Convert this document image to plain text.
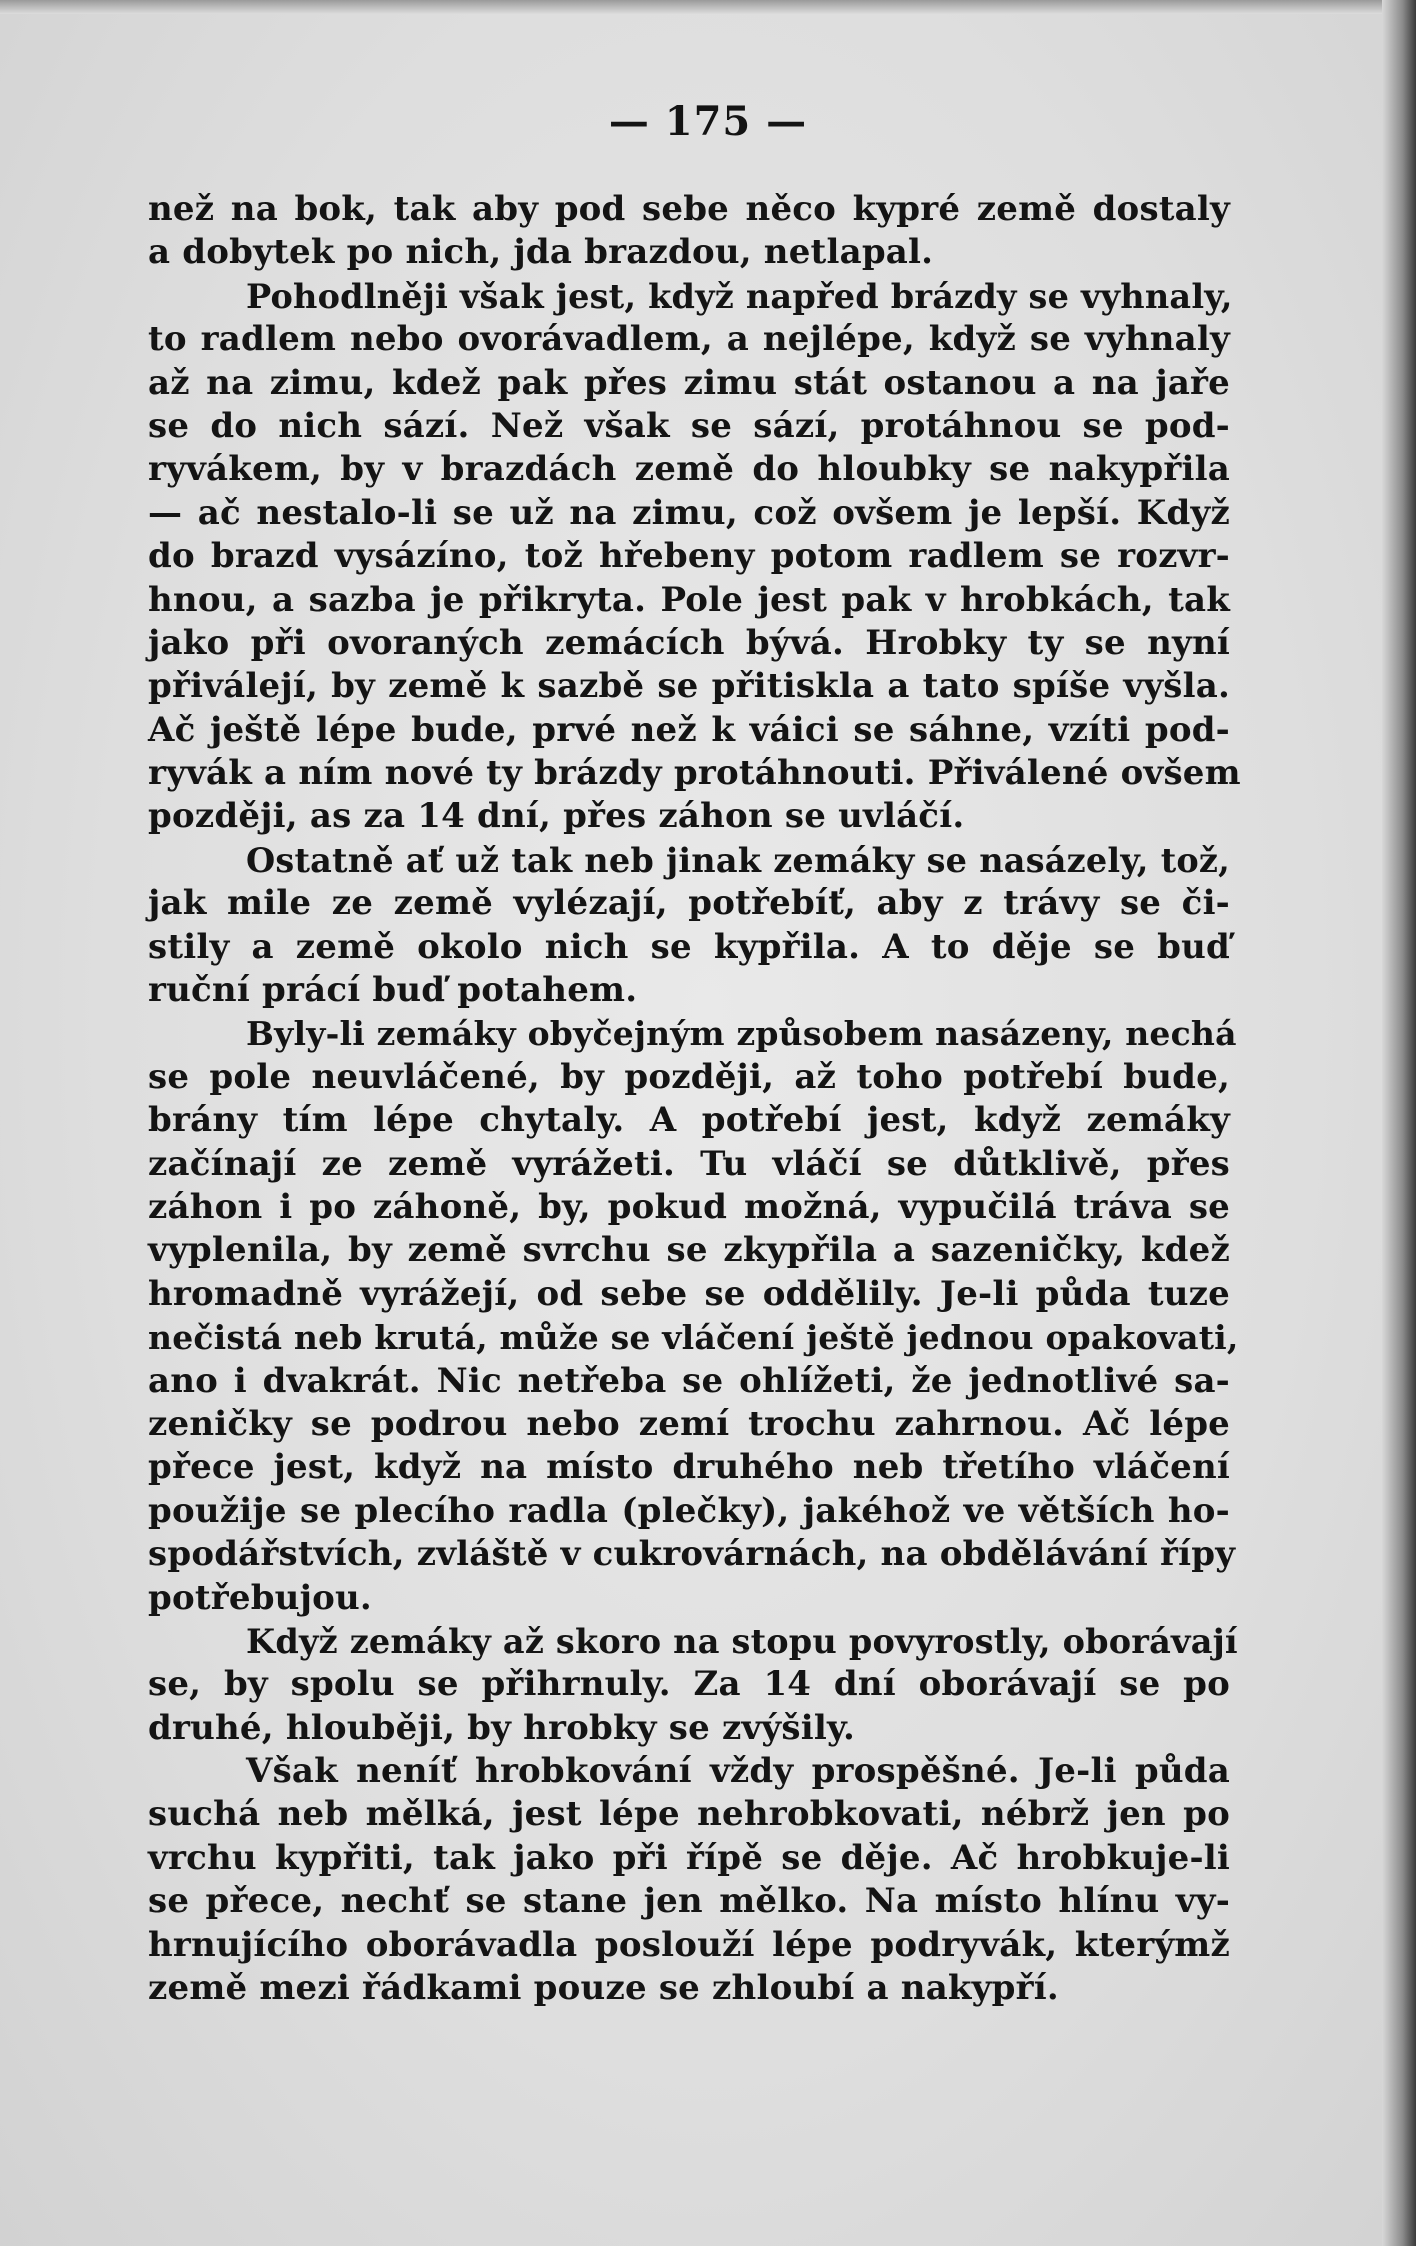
— 175 —
než na bok, tak aby pod sebe něco kypré země dostaly
a dobytek po nich, jda brazdou, netlapal.
Pohodlněji však jest, když napřed brázdy se vyhnaly,
to radlem nebo ovorávadlem, a nejlépe, když se vyhnaly
až na zimu, kdež pak přes zimu stát ostanou a na jaře
se do nich sází. Než však se sází, protáhnou se pod-
ryvákem, by v brazdách země do hloubky se nakypřila
— ač nestalo-li se už na zimu, což ovšem je lepší. Když
do brazd vysázíno, tož hřebeny potom radlem se rozvr-
hnou, a sazba je přikryta. Pole jest pak v hrobkách, tak
jako při ovoraných zemácích bývá. Hrobky ty se nyní
přiválejí, by země k sazbě se přitiskla a tato spíše vyšla.
Ač ještě lépe bude, prvé než k váici se sáhne, vzíti pod-
ryvák a ním nové ty brázdy protáhnouti. Přiválené ovšem
později, as za 14 dní, přes záhon se uvláčí.
Ostatně ať už tak neb jinak zemáky se nasázely, tož,
jak mile ze země vylézají, potřebíť, aby z trávy se či-
stily a země okolo nich se kypřila. A to děje se buď
ruční prácí buď potahem.
Byly-li zemáky obyčejným způsobem nasázeny, nechá
se pole neuvláčené, by později, až toho potřebí bude,
brány tím lépe chytaly. A potřebí jest, když zemáky
začínají ze země vyrážeti. Tu vláčí se důtklivě, přes
záhon i po záhoně, by, pokud možná, vypučilá tráva se
vyplenila, by země svrchu se zkypřila a sazeničky, kdež
hromadně vyrážejí, od sebe se oddělily. Je-li půda tuze
nečistá neb krutá, může se vláčení ještě jednou opakovati,
ano i dvakrát. Nic netřeba se ohlížeti, že jednotlivé sa-
zeničky se podrou nebo zemí trochu zahrnou. Ač lépe
přece jest, když na místo druhého neb třetího vláčení
použije se plecího radla (plečky), jakéhož ve větších ho-
spodářstvích, zvláště v cukrovárnách, na obdělávání řípy
potřebujou.
Když zemáky až skoro na stopu povyrostly, oborávají
se, by spolu se přihrnuly. Za 14 dní oborávají se po
druhé, hlouběji, by hrobky se zvýšily.
Však neníť hrobkování vždy prospěšné. Je-li půda
suchá neb mělká, jest lépe nehrobkovati, nébrž jen po
vrchu kypřiti, tak jako při řípě se děje. Ač hrobkuje-li
se přece, nechť se stane jen mělko. Na místo hlínu vy-
hrnujícího oborávadla poslouží lépe podryvák, kterýmž
země mezi řádkami pouze se zhloubí a nakypří.
